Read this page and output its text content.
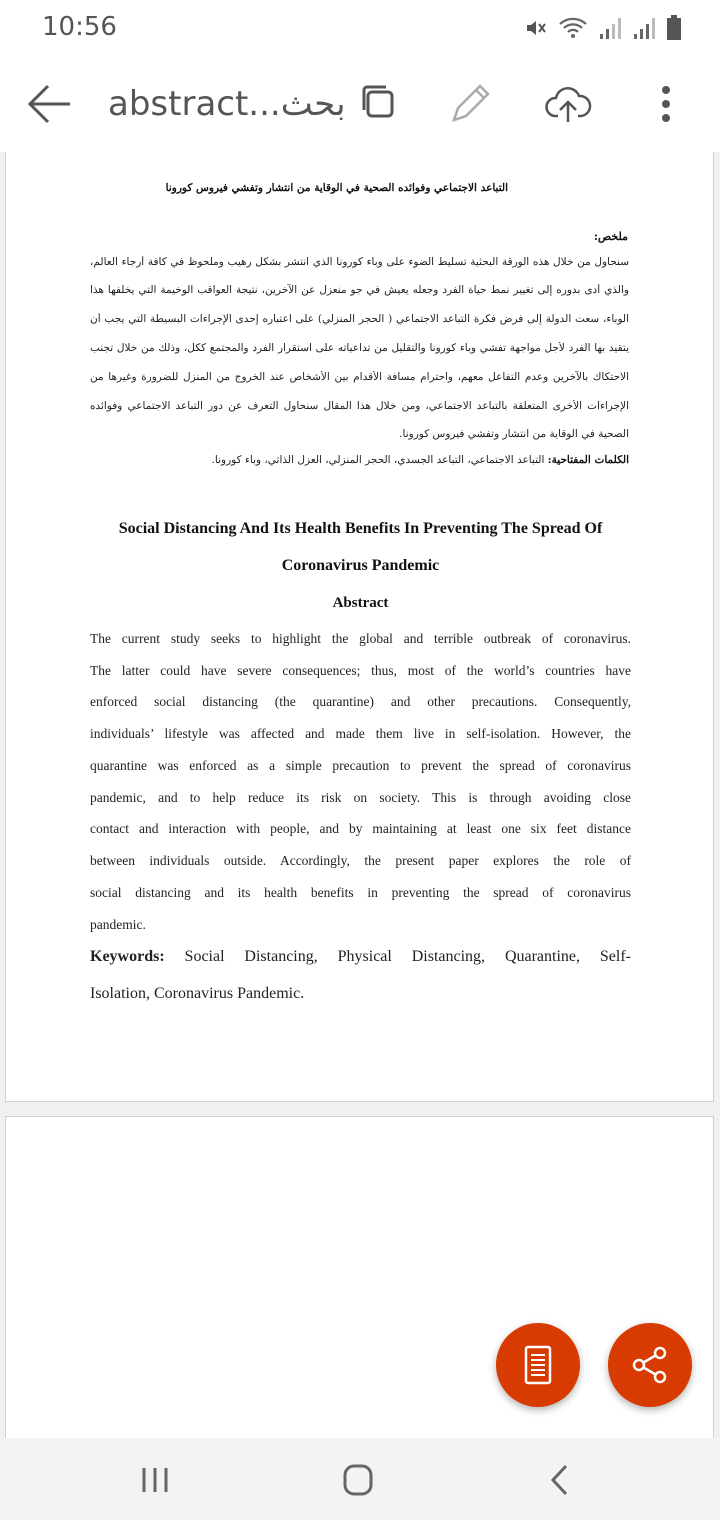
10:56
abstract...بحث
التباعد الاجتماعي وفوائده الصحية في الوقاية من انتشار وتفشي فيروس كورونا
ملخص:
سنحاول من خلال هذه الورقة البحثية تسليط الضوء على وباء كورونا الذي انتشر بشكل رهيب وملحوظ في كافة أرجاء العالم،
والذي أدى بدوره إلى تغيير نمط حياة الفرد وجعله يعيش في جو منعزل عن الآخرين، نتيجة العواقب الوخيمة التي يخلفها هذا
الوباء، سعت الدولة إلى فرض فكرة التباعد الاجتماعي ( الحجر المنزلي) على اعتباره إحدى الإجراءات البسيطة التي يجب أن
يتقيد بها الفرد لأجل مواجهة تفشي وباء كورونا والتقليل من تداعياته على استقرار الفرد والمجتمع ككل، وذلك من خلال تجنب
الاحتكاك بالآخرين وعدم التفاعل معهم، واحترام مسافة الأقدام بين الأشخاص عند الخروج من المنزل للضرورة وغيرها من
الإجراءات الأخرى المتعلقة بالتباعد الاجتماعي، ومن خلال هذا المقال سنحاول التعرف عن دور التباعد الاجتماعي وفوائده
الصحية في الوقاية من انتشار وتفشي فيروس كورونا.
الكلمات المفتاحية: التباعد الاجتماعي، التباعد الجسدي، الحجر المنزلي، العزل الذاتي، وباء كورونا.
Social Distancing And Its Health Benefits In Preventing The Spread Of
Coronavirus Pandemic
Abstract
The current study seeks to highlight the global and terrible outbreak of coronavirus.
The latter could have severe consequences; thus, most of the world’s countries have
enforced social distancing (the quarantine) and other precautions. Consequently,
individuals’ lifestyle was affected and made them live in self-isolation. However, the
quarantine was enforced as a simple precaution to prevent the spread of coronavirus
pandemic, and to help reduce its risk on society. This is through avoiding close
contact and interaction with people, and by maintaining at least one six feet distance
between individuals outside. Accordingly, the present paper explores the role of
social distancing and its health benefits in preventing the spread of coronavirus
pandemic.
Keywords: Social Distancing, Physical Distancing, Quarantine, Self-
Isolation, Coronavirus Pandemic.
